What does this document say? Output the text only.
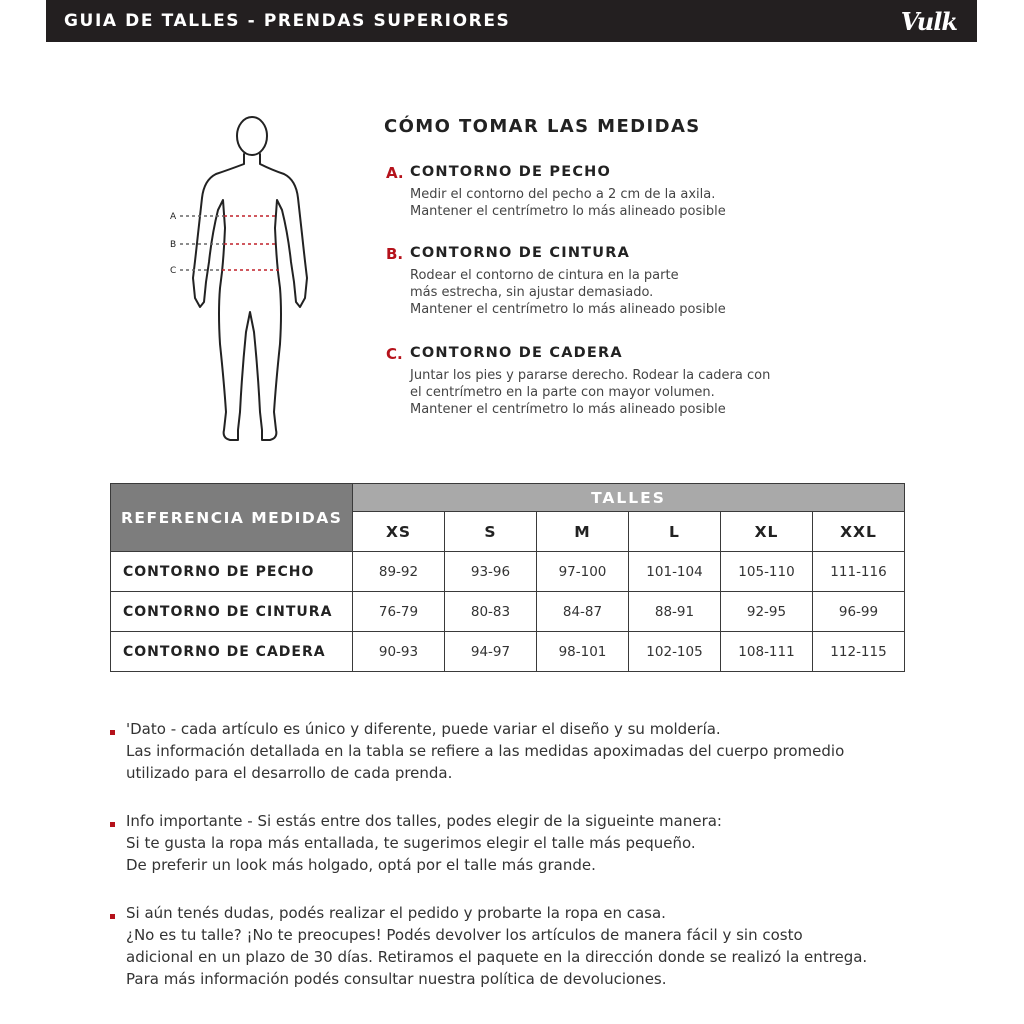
GUIA DE TALLES - PRENDAS SUPERIORES	Vulk
A
B
C
CÓMO TOMAR LAS MEDIDAS
A. CONTORNO DE PECHO
Medir el contorno del pecho a 2 cm de la axila.
Mantener el centrímetro lo más alineado posible
B. CONTORNO DE CINTURA
Rodear el contorno de cintura en la parte
más estrecha, sin ajustar demasiado.
Mantener el centrímetro lo más alineado posible
C. CONTORNO DE CADERA
Juntar los pies y pararse derecho. Rodear la cadera con
el centrímetro en la parte con mayor volumen.
Mantener el centrímetro lo más alineado posible
REFERENCIA MEDIDAS	TALLES					
	XS	S	M	L	XL	XXL
CONTORNO DE PECHO	89-92	93-96	97-100	101-104	105-110	111-116
CONTORNO DE CINTURA	76-79	80-83	84-87	88-91	92-95	96-99
CONTORNO DE CADERA	90-93	94-97	98-101	102-105	108-111	112-115
'Dato - cada artículo es único y diferente, puede variar el diseño y su moldería.
Las información detallada en la tabla se refiere a las medidas apoximadas del cuerpo promedio
utilizado para el desarrollo de cada prenda.
Info importante - Si estás entre dos talles, podes elegir de la sigueinte manera:
Si te gusta la ropa más entallada, te sugerimos elegir el talle más pequeño.
De preferir un look más holgado, optá por el talle más grande.
Si aún tenés dudas, podés realizar el pedido y probarte la ropa en casa.
¿No es tu talle? ¡No te preocupes! Podés devolver los artículos de manera fácil y sin costo
adicional en un plazo de 30 días. Retiramos el paquete en la dirección donde se realizó la entrega.
Para más información podés consultar nuestra política de devoluciones.
